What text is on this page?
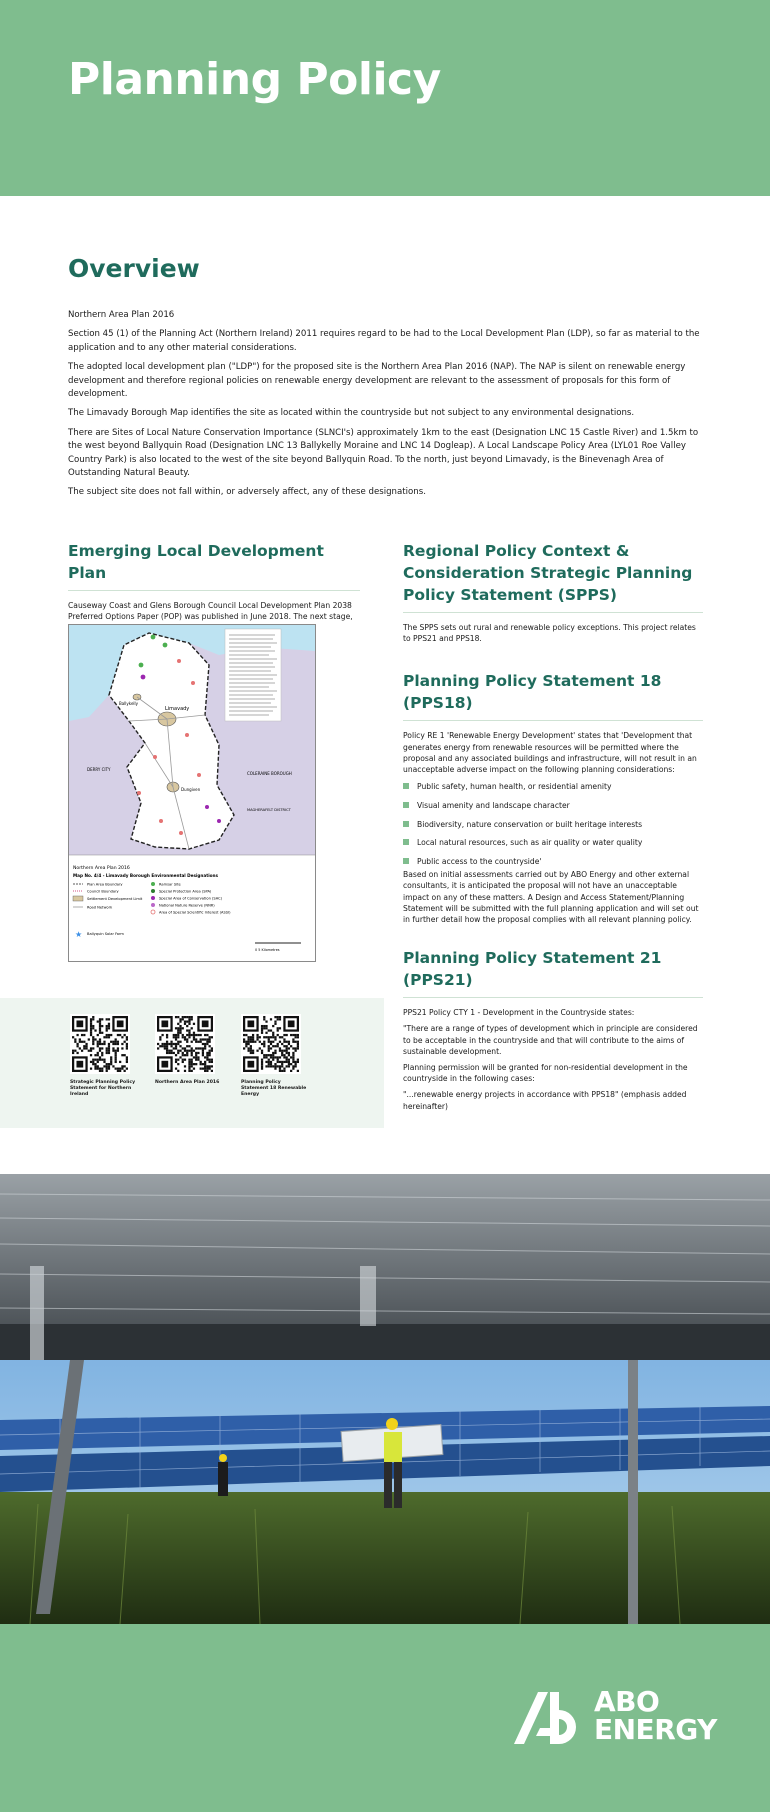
Planning Policy
Overview

Northern Area Plan 2016

Section 45 (1) of the Planning Act (Northern Ireland) 2011 requires regard to be had to the Local Development Plan (LDP), so far as material to the application and to any other material considerations.

The adopted local development plan ("LDP") for the proposed site is the Northern Area Plan 2016 (NAP). The NAP is silent on renewable energy development and therefore regional policies on renewable energy development are relevant to the assessment of proposals for this form of development.

The Limavady Borough Map identifies the site as located within the countryside but not subject to any environmental designations.

There are Sites of Local Nature Conservation Importance (SLNCI's) approximately 1km to the east (Designation LNC 15 Castle River) and 1.5km to the west beyond Ballyquin Road (Designation LNC 13 Ballykelly Moraine and LNC 14 Dogleap). A Local Landscape Policy Area (LYL01 Roe Valley Country Park) is also located to the west of the site beyond Ballyquin Road. To the north, just beyond Limavady, is the Binevenagh Area of Outstanding Natural Beauty.

The subject site does not fall within, or adversely affect, any of these designations.

Emerging Local Development Plan

Causeway Coast and Glens Borough Council Local Development Plan 2038 Preferred Options Paper (POP) was published in June 2018. The next stage,

Limavady
COLERAINE BOROUGH
DERRY CITY
MAGHERAFELT DISTRICT
Ballykelly
Dungiven
Northern Area Plan 2016
Map No. 4/4 - Limavady Borough Environmental Designations
Plan Area Boundary
Council Boundary
Settlement Development Limit
Road Network
Ramsar Site
Special Protection Area (SPA)
Special Area of Conservation (SAC)
National Nature Reserve (NNR)
Area of Special Scientific Interest (ASSI)
★ Ballyquin Solar Farm
0 5 Kilometres
Strategic Planning Policy Statement for Northern Ireland
Northern Area Plan 2016	Planning Policy Statement 18 Renewable Energy
Regional Policy Context & Consideration Strategic Planning Policy Statement (SPPS)

The SPPS sets out rural and renewable policy exceptions. This project relates to PPS21 and PPS18.

Planning Policy Statement 18 (PPS18)

Policy RE 1 'Renewable Energy Development' states that 'Development that generates energy from renewable resources will be permitted where the proposal and any associated buildings and infrastructure, will not result in an unacceptable adverse impact on the following planning considerations:

Public safety, human health, or residential amenity
Visual amenity and landscape character
Biodiversity, nature conservation or built heritage interests
Local natural resources, such as air quality or water quality
Public access to the countryside'

Based on initial assessments carried out by ABO Energy and other external consultants, it is anticipated the proposal will not have an unacceptable impact on any of these matters. A Design and Access Statement/Planning Statement will be submitted with the full planning application and will set out in further detail how the proposal complies with all relevant planning policy.

Planning Policy Statement 21 (PPS21)

PPS21 Policy CTY 1 - Development in the Countryside states:

"There are a range of types of development which in principle are considered to be acceptable in the countryside and that will contribute to the aims of sustainable development.

Planning permission will be granted for non-residential development in the countryside in the following cases:

"...renewable energy projects in accordance with PPS18" (emphasis added hereinafter)

ABO
ENERGY
